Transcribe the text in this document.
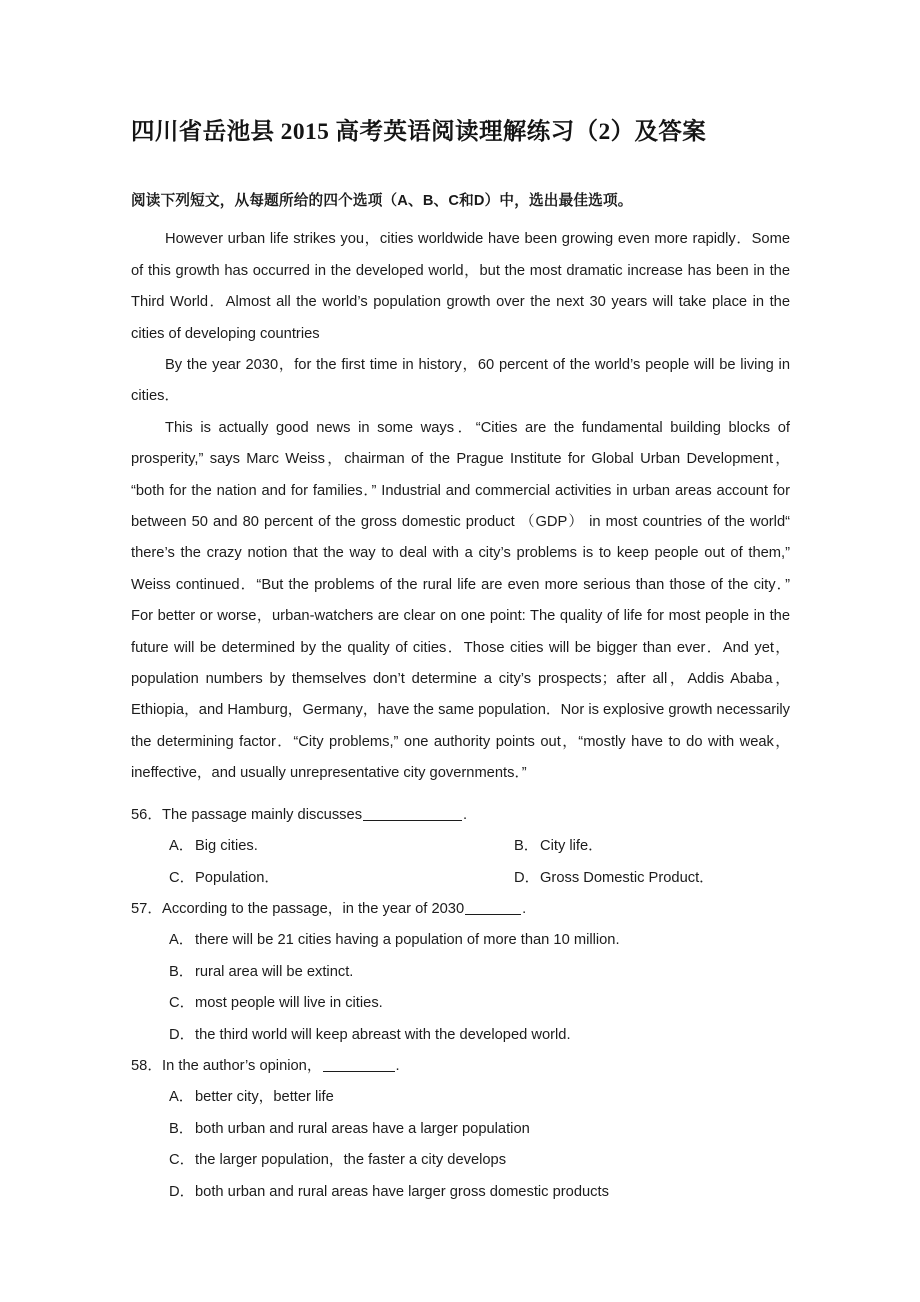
四川省岳池县 2015 高考英语阅读理解练习（2）及答案

阅读下列短文，从每题所给的四个选项（A、B、C和D）中，选出最佳选项。

However urban life strikes you，cities worldwide have been growing even more rapidly．Some of this growth has occurred in the developed world，but the most dramatic increase has been in the Third World．Almost all the world’s population growth over the next 30 years will take place in the cities of developing countries

By the year 2030，for the first time in history，60 percent of the world’s people will be living in cities．

This is actually good news in some ways．“Cities are the fundamental building blocks of prosperity,” says Marc Weiss，chairman of the Prague Institute for Global Urban Development，“both for the nation and for families．” Industrial and commercial activities in urban areas account for between 50 and 80 percent of the gross domestic product （GDP） in most countries of the world“ there’s the crazy notion that the way to deal with a city’s problems is to keep people out of them,” Weiss continued．“But the problems of the rural life are even more serious than those of the city．” For better or worse，urban-watchers are clear on one point: The quality of life for most people in the future will be determined by the quality of cities．Those cities will be bigger than ever．And yet，population numbers by themselves don’t determine a city’s prospects；after all，Addis Ababa，Ethiopia，and Hamburg，Germany，have the same population．Nor is explosive growth necessarily the determining factor．“City problems,” one authority points out，“mostly have to do with weak，ineffective，and usually unrepresentative city governments．”

56．The passage mainly discusses	.

A． Big cities.	B． City life．
C．Population．	D．Gross Domestic Product．

57．According to the passage，in the year of 2030	.

A． there will be 21 cities having a population of more than 10 million.
B． rural area will be extinct.
C．most people will live in cities.
D．the third world will keep abreast with the developed world.

58．In the author’s opinion，	.

A． better city，better life
B． both urban and rural areas have a larger population
C．the larger population，the faster a city develops
D．both urban and rural areas have larger gross domestic products
